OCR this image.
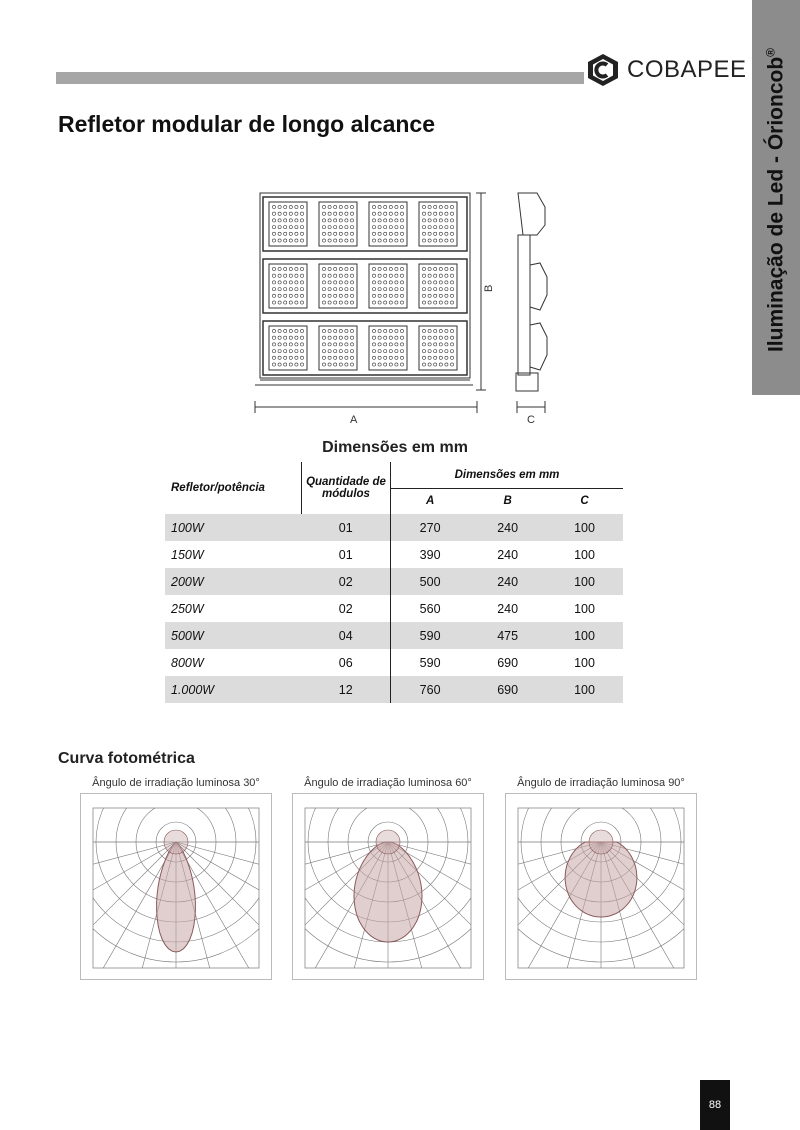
COBAPEE Iluminação de Led - Órioncob®
Refletor modular de longo alcance
A
B
C
Dimensões em mm
Refletor/potência	Quantidade de módulos	Dimensões em mm		
		A	B	C
100W	01	270	240	100
150W	01	390	240	100
200W	02	500	240	100
250W	02	560	240	100
500W	04	590	475	100
800W	06	590	690	100
1.000W	12	760	690	100
Curva fotométrica
Ângulo de irradiação luminosa 30°	Ângulo de irradiação luminosa 60°	Ângulo de irradiação luminosa 90°
88
